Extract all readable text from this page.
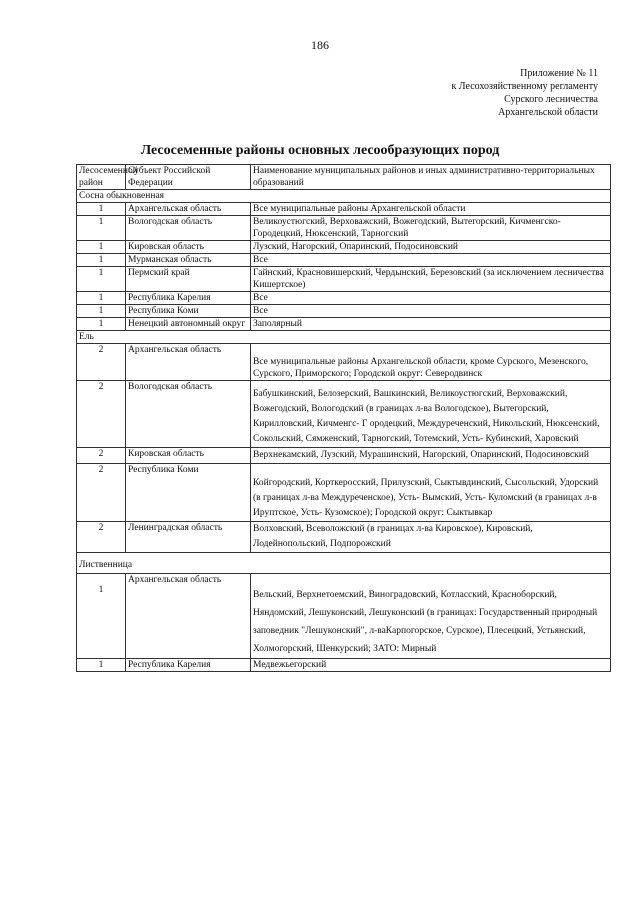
186
Приложение № 11
к Лесохозяйственному регламенту
Сурского лесничества
Архангельской области
Лесосеменные районы основных лесообразующих пород
Лесосеменной район	Субъект Российской Федерации	Наименование муниципальных районов и иных административно-территориальных образований
Сосна обыкновенная		
1	Архангельская область	Все муниципальные районы Архангельской области
1	Вологодская область	Великоустюгский, Верховажский, Вожегодский, Вытегорский, Кичменгско-Городецкий, Нюксенский, Тарногский
1	Кировская область	Лузский, Нагорский, Опаринский, Подосиновский
1	Мурманская область	Все
1	Пермский край	Гайнский, Красновишерский, Чердынский, Березовский (за исключением лесничества Кишертское)
1	Республика Карелия	Все
1	Республика Коми	Все
1	Ненецкий автономный округ	Заполярный
Ель		
2	Архангельская область	Все муниципальные районы Архангельской области, кроме Сурского, Мезенского, Сурского, Приморского; Городской округ: Северодвинск
2	Вологодская область	Бабушкинский, Белозерский, Вашкинский, Великоустюгский, Верховажский, Вожегодский, Вологодский (в границах л-ва Вологодское), Вытегорский, Кирилловский, Кичменгс- Г ородецкий, Междуреченский, Никольский, Нюксенский, Сокольский, Сямженский, Тарногский, Тотемский, Усть- Кубинский, Харовский
2	Кировская область	Верхнекамский, Лузский, Мурашинский, Нагорский, Опаринский, Подосиновский
2	Республика Коми	Койгородский, Корткеросский, Прилузский, Сыктывдинский, Сысольский, Удорский (в границах л-ва Междуреченское), Усть- Вымский, Усть- Куломский (в границах л-в Ируптское, Усть- Кузомское); Городской округ: Сыктывкар
2	Ленинградская область	Волховский, Всеволожский (в границах л-ва Кировское), Кировский, Лодейнопольский, Подпорожский
Лиственница		
1	Архангельская область	Вельский, Верхнетоемский, Виноградовский, Котласский, Красноборский, Няндомский, Лешуконский, Лешуконский (в границах: Государственный природный заповедник "Лешуконский", л-ваКарпогорское, Сурское), Плесецкий, Устьянский, Холмогорский, Шенкурский; ЗАТО: Мирный
1	Республика Карелия	Медвежьегорский
